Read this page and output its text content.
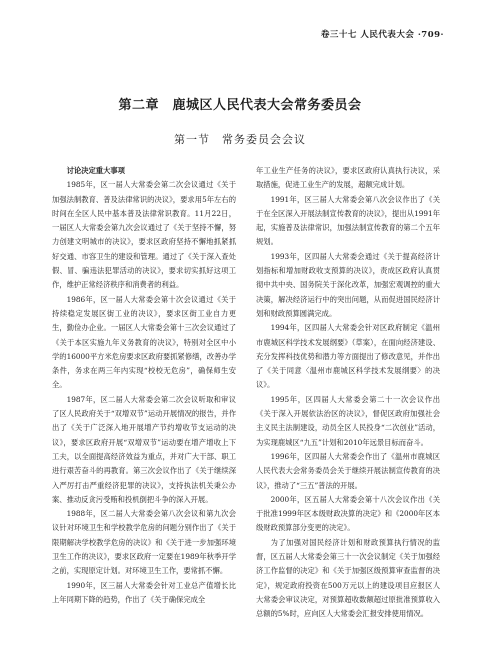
卷三十七 人民代表大会 ·709·
第二章　鹿城区人民代表大会常务委员会
第一节　常务委员会会议

讨论决定重大事项

1985年，区一届人大常委会第二次会议通过《关于加强法制教育、普及法律常识的决议》，要求用5年左右的时间在全区人民中基本普及法律常识教育。11月22日，一届区人大常委会第九次会议通过了《关于坚持不懈，努力创建文明城市的决议》，要求区政府坚持不懈地抓紧抓好交通、市容卫生的建设和管理。通过了《关于深入查处假、冒、骗违法犯罪活动的决议》，要求切实抓好这项工作，维护正常经济秩序和消费者的利益。

1986年，区一届人大常委会第十次会议通过《关于持续稳定发展区街工业的决议》，要求区街工业自力更生，勤俭办企业。一届区人大常委会第十三次会议通过了《关于本区实施九年义务教育的决议》，特别对全区中小学的16000平方米危房要求区政府要抓紧修缮，改善办学条件，务求在两三年内实现“校校无危房”，确保师生安全。

1987年，区二届人大常委会第二次会议听取和审议了区人民政府关于“双增双节”运动开展情况的报告，并作出了《关于广泛深入地开展增产节约增收节支运动的决议》，要求区政府开展“双增双节”运动要在增产增收上下工夫，以全面提高经济效益为重点，并对广大干部、职工进行艰苦奋斗的再教育。第三次会议作出了《关于继续深入严厉打击严重经济犯罪的决议》，支持执法机关秉公办案、推动反贪污受贿和投机倒把斗争的深入开展。

1988年，区二届人大常委会第八次会议和第九次会议针对环境卫生和学校教学危房的问题分别作出了《关于限期解决学校教学危房的决议》和《关于进一步加强环境卫生工作的决议》，要求区政府一定要在1989年秋季开学之前，实现原定计划。对环境卫生工作，要常抓不懈。

1990年，区三届人大常委会针对工业总产值增长比上年同期下降的趋势，作出了《关于确保完成全

年工业生产任务的决议》，要求区政府认真执行决议，采取措施，促进工业生产的发展，超额完成计划。

1991年，区三届人大常委会第八次会议作出了《关于在全区深入开展法制宣传教育的决议》，提出从1991年起，实施普及法律常识，加强法制宣传教育的第二个五年规划。

1993年，区四届人大常委会通过《关于提高经济计划指标和增加财政收支预算的决议》，责成区政府认真贯彻中共中央、国务院关于深化改革，加强宏观调控的重大决策，解决经济运行中的突出问题，从而促进国民经济计划和财政预算圆满完成。

1994年，区四届人大常委会针对区政府制定《温州市鹿城区科学技术发展纲要》（草案），在面向经济建设、充分发挥科技优势和潜力等方面提出了修改意见，并作出了《关于同意〈温州市鹿城区科学技术发展纲要〉的决议》。

1995年，区四届人大常委会第二十一次会议作出《关于深入开展依法治区的决议》，督促区政府加强社会主义民主法制建设，动员全区人民投身“二次创业”活动，为实现鹿城区“九五”计划和2010年远景目标而奋斗。

1996年，区四届人大常委会作出了《温州市鹿城区人民代表大会常务委员会关于继续开展法制宣传教育的决议》，推动了“三五”普法的开展。

2000年，区五届人大常委会第十八次会议作出《关于批准1999年区本级财政决算的决定》和《2000年区本级财政预算部分变更的决定》。

为了加强对国民经济计划和财政预算执行情况的监督，区五届人大常委会第三十一次会议制定《关于加强经济工作监督的决定》和《关于加强区级预算审查监督的决定》，规定政府投资在500万元以上的建设项目应报区人大常委会审议决定，对预算超收数额超过原批准预算收入总额的5%时，应向区人大常委会汇报安排使用情况。
